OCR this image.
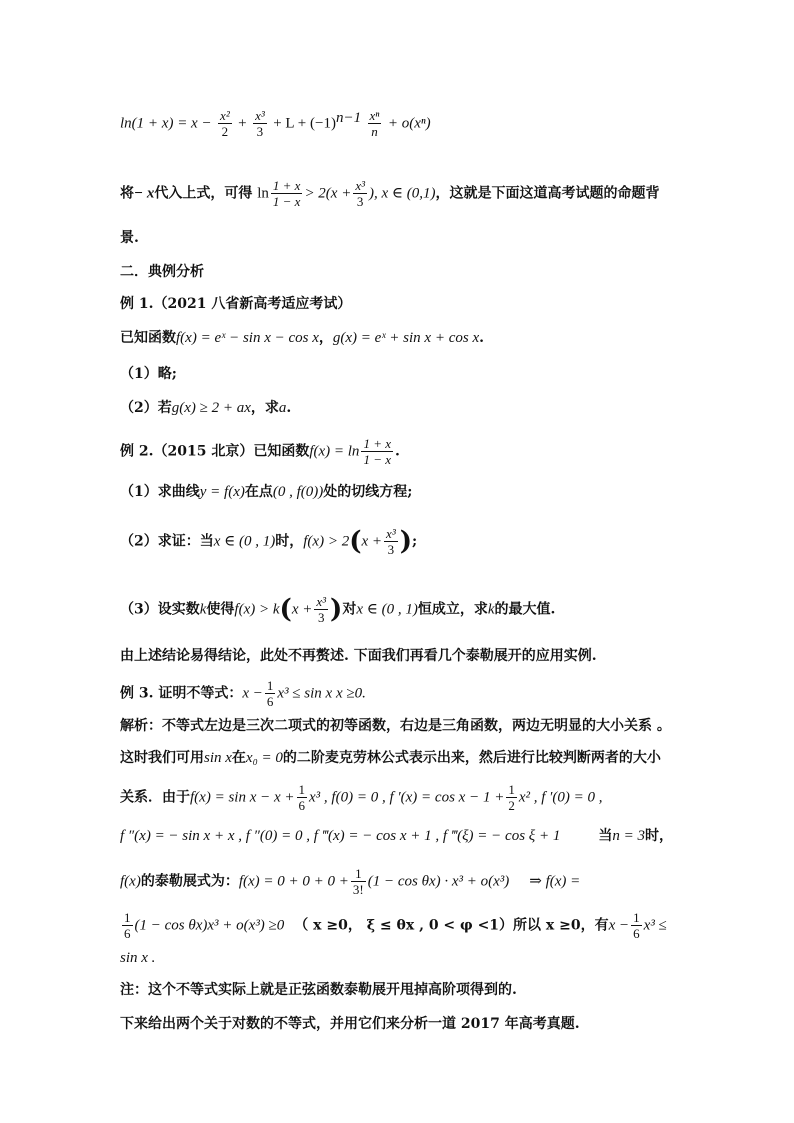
$\ln(1 + x) = x - \frac{\text{x²}}{2} + \frac{\text{x³}}{3} + L + (-1)^{n-1} \frac{\text{xⁿ}}{n} + o(x^n)$
将− x代入上式，可得 $\ln \frac{1 + x}{1 - x} > 2(x + \frac{\text{x³}}{3}$ ), x ∈ (0,1)，这就是下面这道高考试题的命题背
景.
二．典例分析
例 1.（2021 八省新高考适应考试）
已知函数f(x) = eˣ − sin x − cos x，g(x) = eˣ + sin x + cos x.
（1）略;
（2）若g(x) ≥ 2 + ax，求a.
例 2.（2015 北京）已知函数$f(x) = \ln \frac{1 + x}{1 - x}$ .
（1）求曲线y = f(x)在点(0 , f(0))处的切线方程;
（2）求证：当x ∈ (0 , 1)时，$f(x) > 2(x + \frac{\text{x³}}{3}$ );
（3）设实数k使得$f(x) > k(x + \frac{\text{x³}}{3}$ )对x ∈ (0 , 1)恒成立，求k的最大值.
由上述结论易得结论，此处不再赘述. 下面我们再看几个泰勒展开的应用实例.
例 3. 证明不等式：$x - \frac{1}{6} x^3 \le \sin x$ x ≥0.
解析：不等式左边是三次二项式的初等函数，右边是三角函数，两边无明显的大小关系 。
这时我们可用sin x在x₀ = 0的二阶麦克劳林公式表示出来，然后进行比较判断两者的大小
关系．由于$f(x) = \sin x - x + \frac{1}{6} x^3$ , f(0) = 0 , f $'(x) = \cos x - 1 + \frac{1}{2} x^2$ , f ′(0) = 0 ,
f ″(x) = − sin x + x , f ″(0) = 0 , f ‴(x) = − cos x + 1 , f ‴(ξ) = − cos ξ + 1	当n = 3时，
f(x)的泰勒展式为：$f(x) = 0 + 0 + 0 + \frac{1}{3!} (1 - \cos \theta x) \cdot x^3 + o(x^3)$ ⇒ f(x) =
$\frac{1}{6} (1 - \cos \theta x)x^3 + o(x^3) \ge 0$ （ x ≥0， ξ ≤ θx , 0 < φ <1）所以 x ≥0，有$x - \frac{1}{6} x^3$ ≤
sin x .
注：这个不等式实际上就是正弦函数泰勒展开甩掉高阶项得到的.
下来给出两个关于对数的不等式，并用它们来分析一道 2017 年高考真题.
